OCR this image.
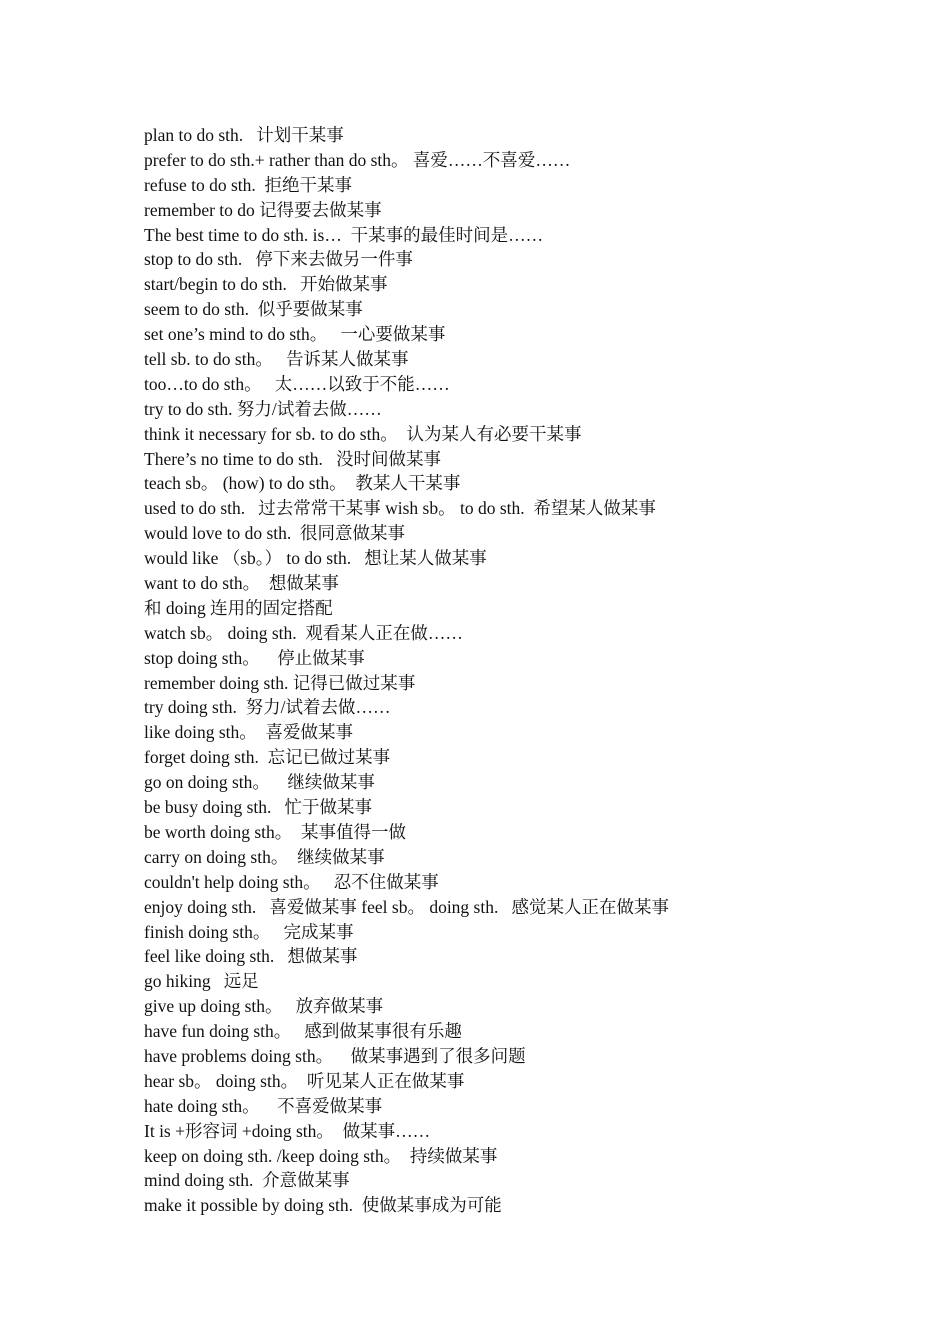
plan to do sth.   计划干某事
prefer to do sth.+ rather than do sth。 喜爱……不喜爱……
refuse to do sth.  拒绝干某事
remember to do 记得要去做某事
The best time to do sth. is…  干某事的最佳时间是……
stop to do sth.   停下来去做另一件事
start/begin to do sth.   开始做某事
seem to do sth.  似乎要做某事
set one’s mind to do sth。   一心要做某事
tell sb. to do sth。   告诉某人做某事
too…to do sth。   太……以致于不能……
try to do sth. 努力/试着去做……
think it necessary for sb. to do sth。  认为某人有必要干某事
There’s no time to do sth.   没时间做某事
teach sb。 (how) to do sth。  教某人干某事
used to do sth.   过去常常干某事 wish sb。 to do sth.  希望某人做某事
would love to do sth.  很同意做某事
would like （sb。） to do sth.   想让某人做某事
want to do sth。  想做某事
和 doing 连用的固定搭配
watch sb。 doing sth.  观看某人正在做……
stop doing sth。    停止做某事
remember doing sth. 记得已做过某事
try doing sth.  努力/试着去做……
like doing sth。  喜爱做某事
forget doing sth.  忘记已做过某事
go on doing sth。    继续做某事
be busy doing sth.   忙于做某事
be worth doing sth。  某事值得一做
carry on doing sth。  继续做某事
couldn't help doing sth。   忍不住做某事
enjoy doing sth.   喜爱做某事 feel sb。 doing sth.   感觉某人正在做某事
finish doing sth。   完成某事
feel like doing sth.   想做某事
go hiking   远足
give up doing sth。   放弃做某事
have fun doing sth。   感到做某事很有乐趣
have problems doing sth。    做某事遇到了很多问题
hear sb。 doing sth。  听见某人正在做某事
hate doing sth。    不喜爱做某事
It is +形容词 +doing sth。  做某事……
keep on doing sth. /keep doing sth。  持续做某事
mind doing sth.  介意做某事
make it possible by doing sth.  使做某事成为可能
